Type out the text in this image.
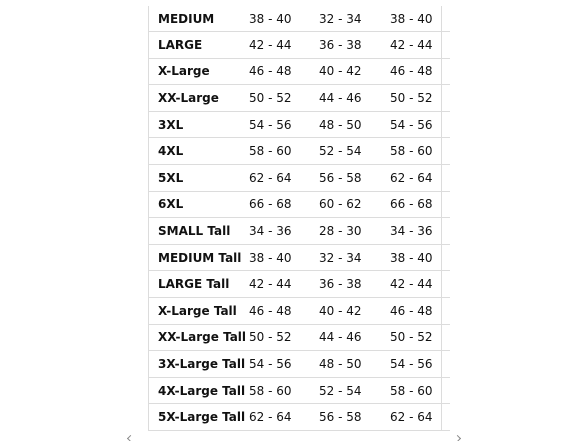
MEDIUM	38 - 40	32 - 34	38 - 40
LARGE	42 - 44	36 - 38	42 - 44
X-Large	46 - 48	40 - 42	46 - 48
XX-Large	50 - 52	44 - 46	50 - 52
3XL	54 - 56	48 - 50	54 - 56
4XL	58 - 60	52 - 54	58 - 60
5XL	62 - 64	56 - 58	62 - 64
6XL	66 - 68	60 - 62	66 - 68
SMALL Tall	34 - 36	28 - 30	34 - 36
MEDIUM Tall	38 - 40	32 - 34	38 - 40
LARGE Tall	42 - 44	36 - 38	42 - 44
X-Large Tall	46 - 48	40 - 42	46 - 48
XX-Large Tall	50 - 52	44 - 46	50 - 52
3X-Large Tall	54 - 56	48 - 50	54 - 56
4X-Large Tall	58 - 60	52 - 54	58 - 60
5X-Large Tall	62 - 64	56 - 58	62 - 64
